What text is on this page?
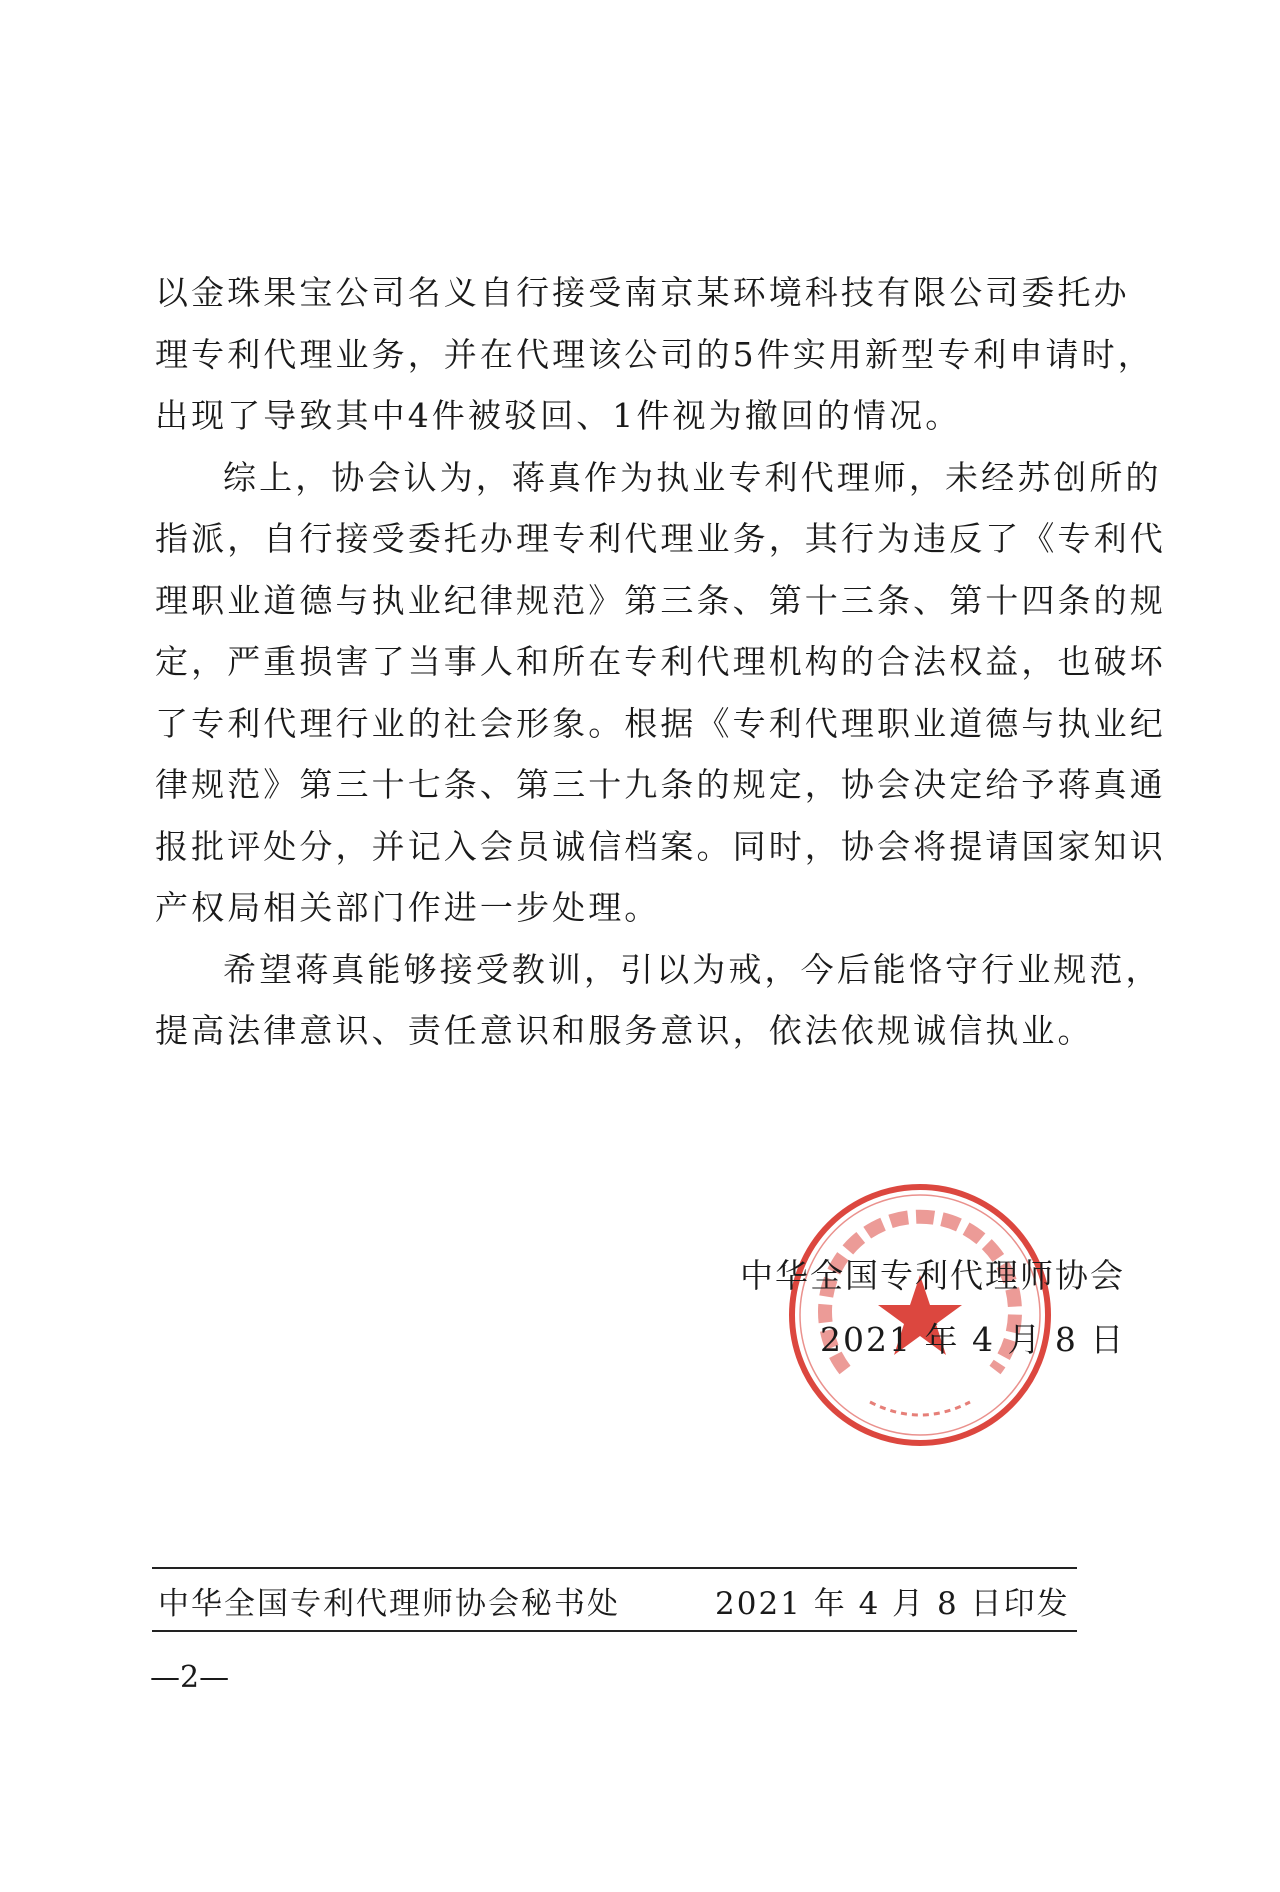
以金珠果宝公司名义自行接受南京某环境科技有限公司委托办
理专利代理业务，并在代理该公司的5件实用新型专利申请时，
出现了导致其中4件被驳回、1件视为撤回的情况。

综上，协会认为，蒋真作为执业专利代理师，未经苏创所的
指派，自行接受委托办理专利代理业务，其行为违反了《专利代
理职业道德与执业纪律规范》第三条、第十三条、第十四条的规
定，严重损害了当事人和所在专利代理机构的合法权益，也破坏
了专利代理行业的社会形象。根据《专利代理职业道德与执业纪
律规范》第三十七条、第三十九条的规定，协会决定给予蒋真通
报批评处分，并记入会员诚信档案。同时，协会将提请国家知识
产权局相关部门作进一步处理。

希望蒋真能够接受教训，引以为戒，今后能恪守行业规范，
提高法律意识、责任意识和服务意识，依法依规诚信执业。

中华全国专利代理师协会
2021 年 4 月 8 日
中华全国专利代理师协会秘书处	2021 年 4 月 8 日印发
—2—
